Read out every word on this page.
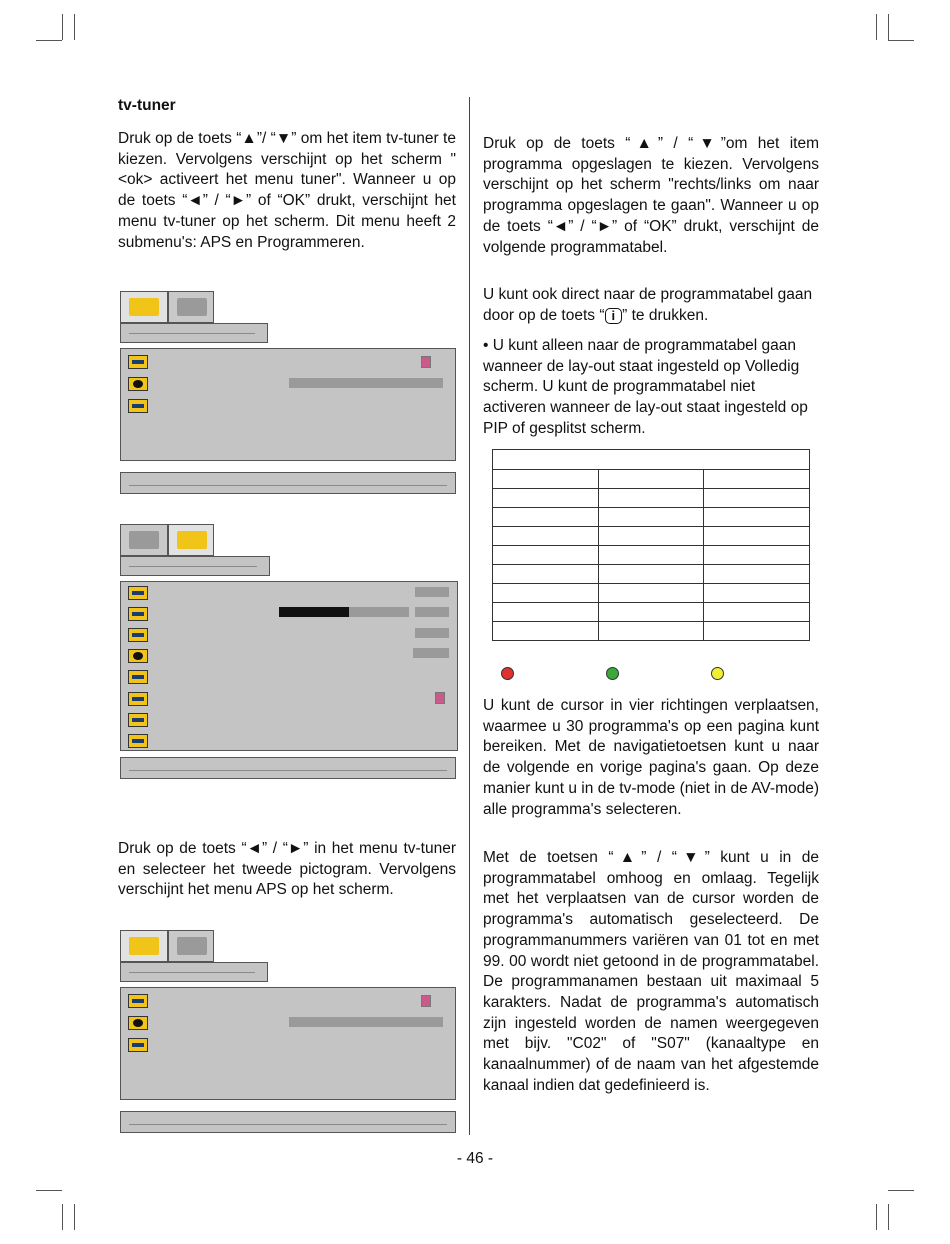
tv-tuner

Druk op de toets “▲”/ “▼” om het item tv-tuner te kiezen. Vervolgens verschijnt op het scherm "<ok> activeert het menu tuner". Wanneer u op de toets “◄” / “►” of “OK” drukt, verschijnt het menu tv-tuner op het scherm. Dit menu heeft 2 submenu's: APS en Programmeren.

Druk op de toets “◄” / “►” in het menu tv-tuner en selecteer het tweede pictogram. Vervolgens verschijnt het menu APS op het scherm.

Druk op de toets “▲” / “▼”om het item programma opgeslagen te kiezen. Vervolgens verschijnt op het scherm "rechts/links om naar programma opgeslagen te gaan". Wanneer u op de toets “◄” / “►” of “OK” drukt, verschijnt de volgende programmatabel.

U kunt ook direct naar de programmatabel gaan door op de toets “ i ” te drukken.

• U kunt alleen naar de programmatabel gaan wanneer de lay-out staat ingesteld op Volledig scherm. U kunt de programmatabel niet activeren wanneer de lay-out staat ingesteld op PIP of gesplitst scherm.

U kunt de cursor in vier richtingen verplaatsen, waarmee u 30 programma's op een pagina kunt bereiken. Met de navigatietoetsen kunt u naar de volgende en vorige pagina's gaan. Op deze manier kunt u in de tv-mode (niet in de AV-mode) alle programma's selecteren.

Met de toetsen “▲” / “▼” kunt u in de programmatabel omhoog en omlaag. Tegelijk met het verplaatsen van de cursor worden de programma's automatisch geselecteerd. De programmanummers variëren van 01 tot en met 99. 00 wordt niet getoond in de programmatabel. De programmanamen bestaan uit maximaal 5 karakters. Nadat de programma's automatisch zijn ingesteld worden de namen weergegeven met bijv. "C02" of "S07" (kanaaltype en kanaalnummer) of de naam van het afgestemde kanaal indien dat gedefinieerd is.

- 46 -
